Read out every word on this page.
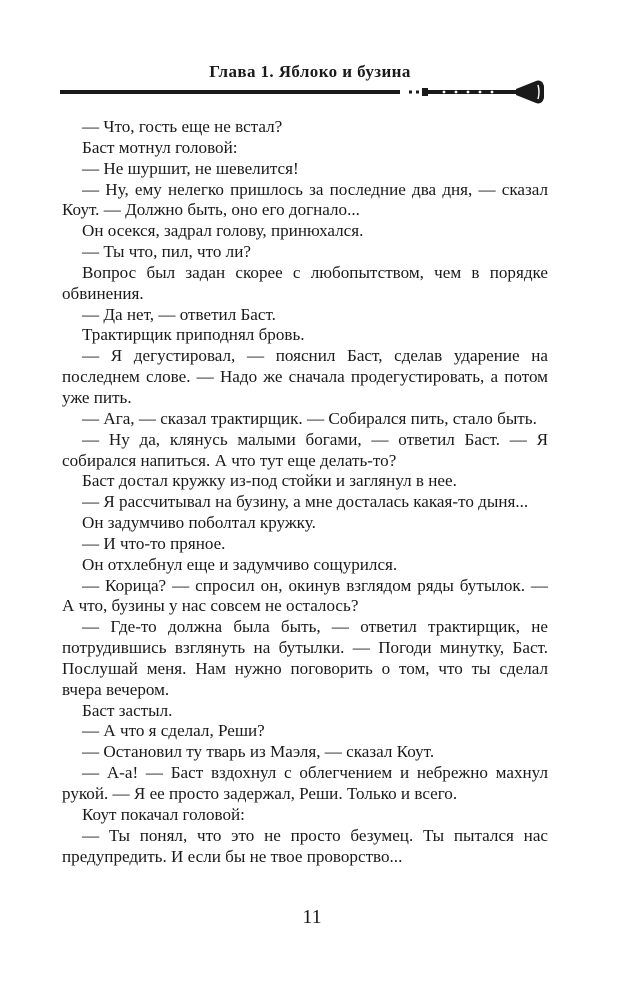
Глава 1. Яблоко и бузина

— Что, гость еще не встал?

Баст мотнул головой:

— Не шуршит, не шевелится!

— Ну, ему нелегко пришлось за последние два дня, — сказал Коут. — Должно быть, оно его догнало...

Он осекся, задрал голову, принюхался.

— Ты что, пил, что ли?

Вопрос был задан скорее с любопытством, чем в порядке обвинения.

— Да нет, — ответил Баст.

Трактирщик приподнял бровь.

— Я дегустировал, — пояснил Баст, сделав ударение на последнем слове. — Надо же сначала продегустировать, а потом уже пить.

— Ага, — сказал трактирщик. — Собирался пить, стало быть.

— Ну да, клянусь малыми богами, — ответил Баст. — Я собирался напиться. А что тут еще делать-то?

Баст достал кружку из-под стойки и заглянул в нее.

— Я рассчитывал на бузину, а мне досталась какая-то дыня...

Он задумчиво поболтал кружку.

— И что-то пряное.

Он отхлебнул еще и задумчиво сощурился.

— Корица? — спросил он, окинув взглядом ряды бутылок. — А что, бузины у нас совсем не осталось?

— Где-то должна была быть, — ответил трактирщик, не потрудившись взглянуть на бутылки. — Погоди минутку, Баст. Послушай меня. Нам нужно поговорить о том, что ты сделал вчера вечером.

Баст застыл.

— А что я сделал, Реши?

— Остановил ту тварь из Маэля, — сказал Коут.

— А-а! — Баст вздохнул с облегчением и небрежно махнул рукой. — Я ее просто задержал, Реши. Только и всего.

Коут покачал головой:

— Ты понял, что это не просто безумец. Ты пытался нас предупредить. И если бы не твое проворство...

11
